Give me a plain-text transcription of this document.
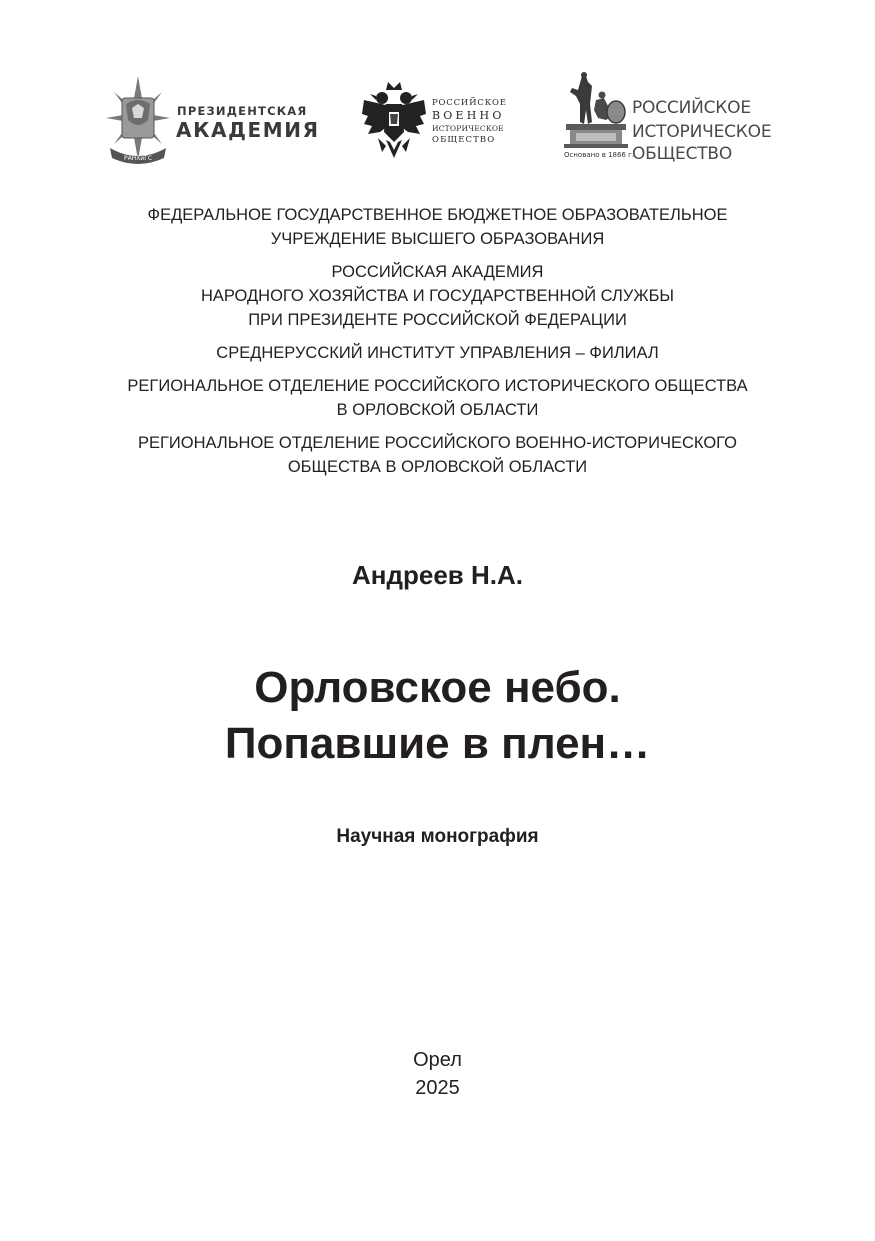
РАНХиГС
ПРЕЗИДЕНТСКАЯ
АКАДЕМИЯ
РОССИЙСКОЕ
ВОЕННО
ИСТОРИЧЕСКОЕ
ОБЩЕСТВО
РОССИЙСКОЕ
ИСТОРИЧЕСКОЕ
ОБЩЕСТВО
Основано в 1866 г.
ФЕДЕРАЛЬНОЕ ГОСУДАРСТВЕННОЕ БЮДЖЕТНОЕ ОБРАЗОВАТЕЛЬНОЕ
УЧРЕЖДЕНИЕ ВЫСШЕГО ОБРАЗОВАНИЯ
РОССИЙСКАЯ АКАДЕМИЯ
НАРОДНОГО ХОЗЯЙСТВА И ГОСУДАРСТВЕННОЙ СЛУЖБЫ
ПРИ ПРЕЗИДЕНТЕ РОССИЙСКОЙ ФЕДЕРАЦИИ
СРЕДНЕРУССКИЙ ИНСТИТУТ УПРАВЛЕНИЯ – ФИЛИАЛ
РЕГИОНАЛЬНОЕ ОТДЕЛЕНИЕ РОССИЙСКОГО ИСТОРИЧЕСКОГО ОБЩЕСТВА
В ОРЛОВСКОЙ ОБЛАСТИ
РЕГИОНАЛЬНОЕ ОТДЕЛЕНИЕ РОССИЙСКОГО ВОЕННО-ИСТОРИЧЕСКОГО
ОБЩЕСТВА В ОРЛОВСКОЙ ОБЛАСТИ
Андреев Н.А.
Орловское небо.
Попавшие в плен…
Научная монография
Орел
2025
